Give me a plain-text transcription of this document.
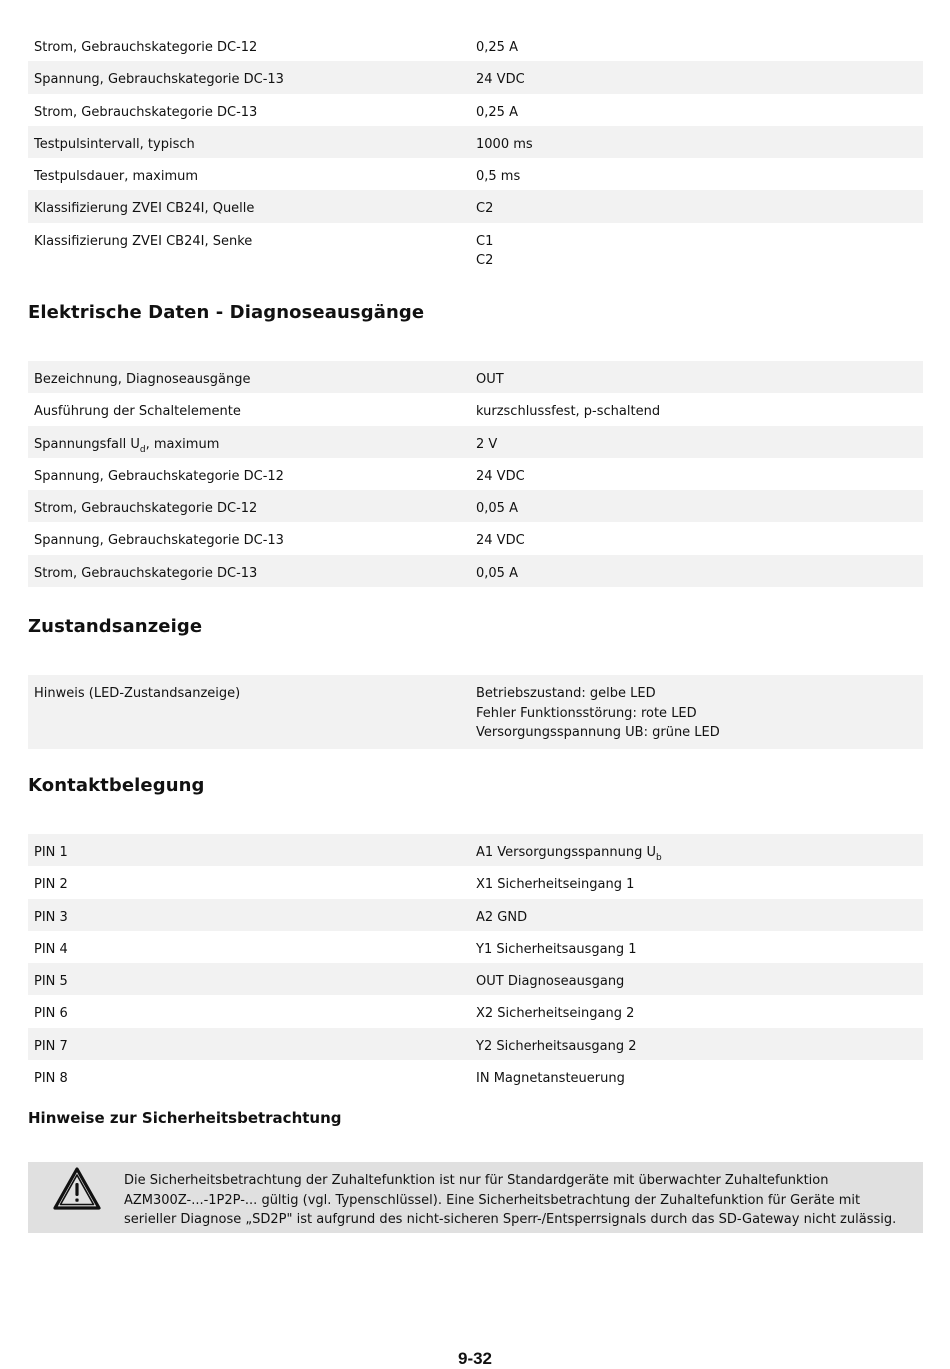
Strom, Gebrauchskategorie DC-12	0,25 A
Spannung, Gebrauchskategorie DC-13	24 VDC
Strom, Gebrauchskategorie DC-13	0,25 A
Testpulsintervall, typisch	1000 ms
Testpulsdauer, maximum	0,5 ms
Klassifizierung ZVEI CB24I, Quelle	C2
Klassifizierung ZVEI CB24I, Senke	C1
C2
Elektrische Daten - Diagnoseausgänge
Bezeichnung, Diagnoseausgänge	OUT
Ausführung der Schaltelemente	kurzschlussfest, p-schaltend
Spannungsfall $U_d$, maximum	2 V
Spannung, Gebrauchskategorie DC-12	24 VDC
Strom, Gebrauchskategorie DC-12	0,05 A
Spannung, Gebrauchskategorie DC-13	24 VDC
Strom, Gebrauchskategorie DC-13	0,05 A
Zustandsanzeige
Hinweis (LED-Zustandsanzeige)	Betriebszustand: gelbe LED
Fehler Funktionsstörung: rote LED
Versorgungsspannung UB: grüne LED
Kontaktbelegung
PIN 1	A1 Versorgungsspannung $U_b$
PIN 2	X1 Sicherheitseingang 1
PIN 3	A2 GND
PIN 4	Y1 Sicherheitsausgang 1
PIN 5	OUT Diagnoseausgang
PIN 6	X2 Sicherheitseingang 2
PIN 7	Y2 Sicherheitsausgang 2
PIN 8	IN Magnetansteuerung
Hinweise zur Sicherheitsbetrachtung
Die Sicherheitsbetrachtung der Zuhaltefunktion ist nur für Standardgeräte mit überwachter Zuhaltefunktion AZM300Z-...-1P2P-... gültig (vgl. Typenschlüssel). Eine Sicherheitsbetrachtung der Zuhaltefunktion für Geräte mit serieller Diagnose „SD2P" ist aufgrund des nicht-sicheren Sperr-/Entsperrsignals durch das SD-Gateway nicht zulässig.
9-32
